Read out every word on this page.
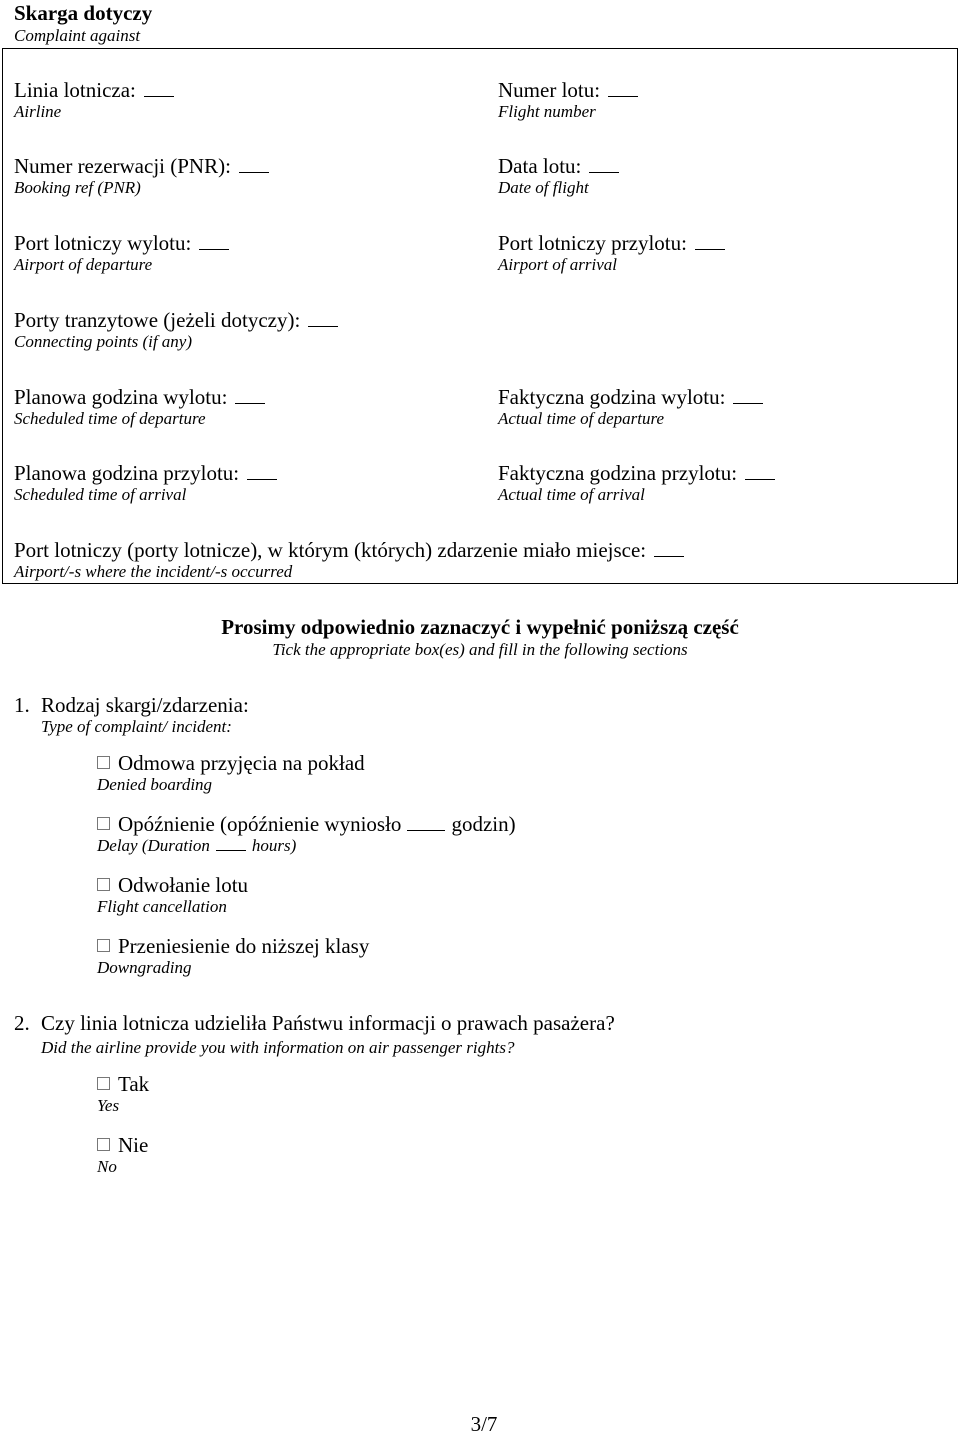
Skarga dotyczy
Complaint against
Linia lotnicza:
Airline
Numer lotu:
Flight number
Numer rezerwacji (PNR):
Booking ref (PNR)
Data lotu:
Date of flight
Port lotniczy wylotu:
Airport of departure
Port lotniczy przylotu:
Airport of arrival
Porty tranzytowe (jeżeli dotyczy):
Connecting points (if any)
Planowa godzina wylotu:
Scheduled time of departure
Faktyczna godzina wylotu:
Actual time of departure
Planowa godzina przylotu:
Scheduled time of arrival
Faktyczna godzina przylotu:
Actual time of arrival
Port lotniczy (porty lotnicze), w którym (których) zdarzenie miało miejsce:
Airport/-s where the incident/-s occurred
Prosimy odpowiednio zaznaczyć i wypełnić poniższą część
Tick the appropriate box(es) and fill in the following sections
1. Rodzaj skargi/zdarzenia:
Type of complaint/ incident:
Odmowa przyjęcia na pokład
Denied boarding
Opóźnienie (opóźnienie wyniosło godzin)
Delay (Duration hours)
Odwołanie lotu
Flight cancellation
Przeniesienie do niższej klasy
Downgrading
2. Czy linia lotnicza udzieliła Państwu informacji o prawach pasażera?
Did the airline provide you with information on air passenger rights?
Tak
Yes
Nie
No
3/7
